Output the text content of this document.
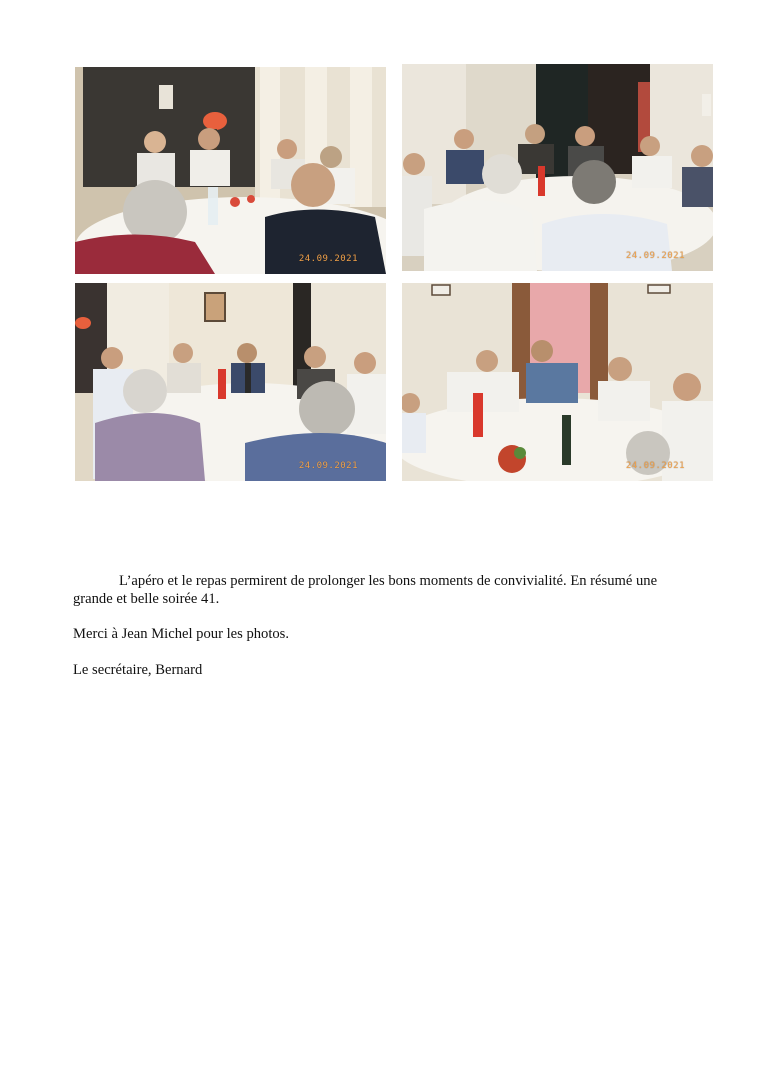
24.09.2021	24.09.2021
24.09.2021	24.09.2021

L’apéro et le repas permirent de prolonger les bons moments de convivialité. En résumé une grande et belle soirée 41.

Merci à Jean Michel pour les photos.

Le secrétaire, Bernard
